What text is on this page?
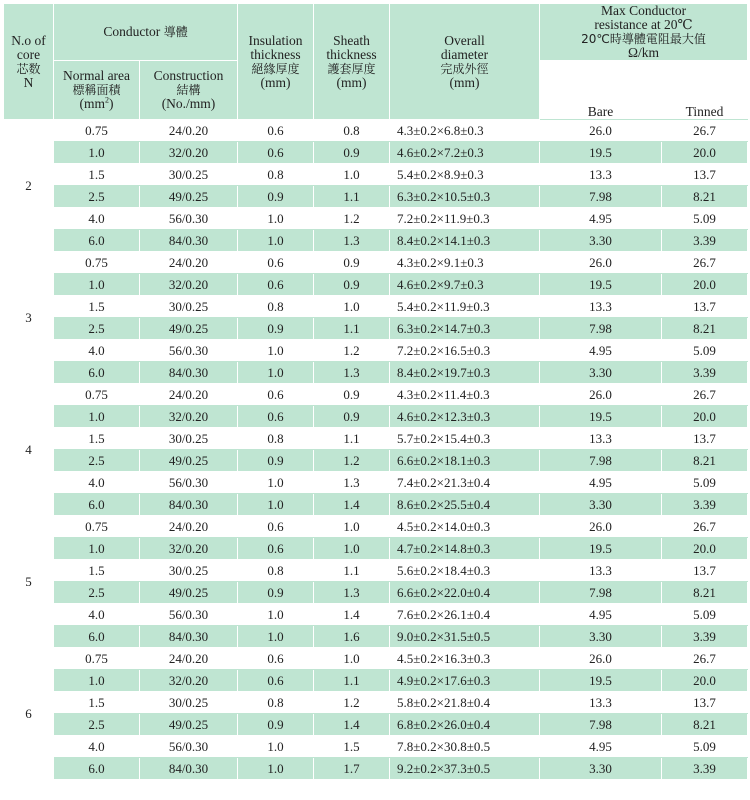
N.o of
core
芯数
N	Conductor 導體		Insulation
thickness
絕緣厚度
(mm)	Sheath
thickness
護套厚度
(mm)	Overall
diameter
完成外徑
(mm)	Max Conductor
resistance at 20℃
20℃時導體電阻最大值
Ω/km	
	Normal area
標稱面積
$(mm^2)$	Construction
結構
(No./mm)				Bare	Tinned
2	0.75	24/0.20	0.6	0.8	4.3±0.2×6.8±0.3	26.0	26.7
	1.0	32/0.20	0.6	0.9	4.6±0.2×7.2±0.3	19.5	20.0
	1.5	30/0.25	0.8	1.0	5.4±0.2×8.9±0.3	13.3	13.7
	2.5	49/0.25	0.9	1.1	6.3±0.2×10.5±0.3	7.98	8.21
	4.0	56/0.30	1.0	1.2	7.2±0.2×11.9±0.3	4.95	5.09
	6.0	84/0.30	1.0	1.3	8.4±0.2×14.1±0.3	3.30	3.39
3	0.75	24/0.20	0.6	0.9	4.3±0.2×9.1±0.3	26.0	26.7
	1.0	32/0.20	0.6	0.9	4.6±0.2×9.7±0.3	19.5	20.0
	1.5	30/0.25	0.8	1.0	5.4±0.2×11.9±0.3	13.3	13.7
	2.5	49/0.25	0.9	1.1	6.3±0.2×14.7±0.3	7.98	8.21
	4.0	56/0.30	1.0	1.2	7.2±0.2×16.5±0.3	4.95	5.09
	6.0	84/0.30	1.0	1.3	8.4±0.2×19.7±0.3	3.30	3.39
4	0.75	24/0.20	0.6	0.9	4.3±0.2×11.4±0.3	26.0	26.7
	1.0	32/0.20	0.6	0.9	4.6±0.2×12.3±0.3	19.5	20.0
	1.5	30/0.25	0.8	1.1	5.7±0.2×15.4±0.3	13.3	13.7
	2.5	49/0.25	0.9	1.2	6.6±0.2×18.1±0.3	7.98	8.21
	4.0	56/0.30	1.0	1.3	7.4±0.2×21.3±0.4	4.95	5.09
	6.0	84/0.30	1.0	1.4	8.6±0.2×25.5±0.4	3.30	3.39
5	0.75	24/0.20	0.6	1.0	4.5±0.2×14.0±0.3	26.0	26.7
	1.0	32/0.20	0.6	1.0	4.7±0.2×14.8±0.3	19.5	20.0
	1.5	30/0.25	0.8	1.1	5.6±0.2×18.4±0.3	13.3	13.7
	2.5	49/0.25	0.9	1.3	6.6±0.2×22.0±0.4	7.98	8.21
	4.0	56/0.30	1.0	1.4	7.6±0.2×26.1±0.4	4.95	5.09
	6.0	84/0.30	1.0	1.6	9.0±0.2×31.5±0.5	3.30	3.39
6	0.75	24/0.20	0.6	1.0	4.5±0.2×16.3±0.3	26.0	26.7
	1.0	32/0.20	0.6	1.1	4.9±0.2×17.6±0.3	19.5	20.0
	1.5	30/0.25	0.8	1.2	5.8±0.2×21.8±0.4	13.3	13.7
	2.5	49/0.25	0.9	1.4	6.8±0.2×26.0±0.4	7.98	8.21
	4.0	56/0.30	1.0	1.5	7.8±0.2×30.8±0.5	4.95	5.09
	6.0	84/0.30	1.0	1.7	9.2±0.2×37.3±0.5	3.30	3.39
